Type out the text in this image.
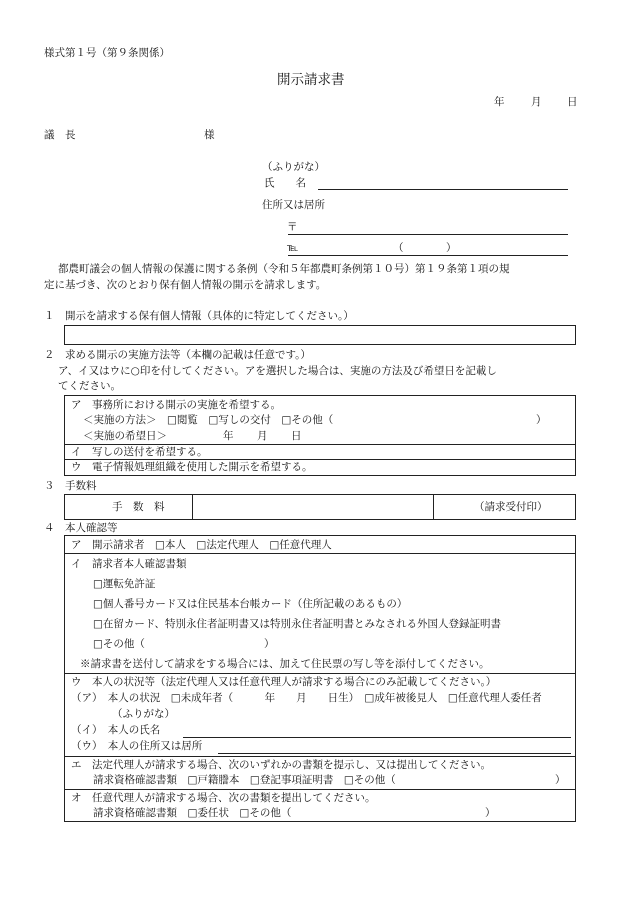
様式第１号（第９条関係）
開示請求書
年	月 日
議　長	様
（ふりがな）
氏　　名
住所又は居所
〒
℡	（	）
都農町議会の個人情報の保護に関する条例（令和５年都農町条例第１０号）第１９条第１項の規
定に基づき、次のとおり保有個人情報の開示を請求します。
１　開示を請求する保有個人情報（具体的に特定してください。）
２　求める開示の実施方法等（本欄の記載は任意です。）
ア、イ又はウに○印を付してください。アを選択した場合は、実施の方法及び希望日を記載し
てください。
ア　事務所における開示の実施を希望する。
＜実施の方法＞　□閲覧　□写しの交付　□その他（	）
＜実施の希望日＞	年 月 日
イ　写しの送付を希望する。
ウ　電子情報処理組織を使用した開示を希望する。
３　手数料
手　数　料	（請求受付印）
４　本人確認等
ア　開示請求者　□本人　□法定代理人　□任意代理人
イ　請求者本人確認書類
□運転免許証
□個人番号カード又は住民基本台帳カード（住所記載のあるもの）
□在留カード、特別永住者証明書又は特別永住者証明書とみなされる外国人登録証明書
□その他（	）
※請求書を送付して請求をする場合には、加えて住民票の写し等を添付してください。
ウ　本人の状況等（法定代理人又は任意代理人が請求する場合にのみ記載してください。）
（ア）　本人の状況　□未成年者（　　　年　　月　　日生）　□成年被後見人　□任意代理人委任者
（ふりがな）
（イ）　本人の氏名
（ウ）　本人の住所又は居所
エ　法定代理人が請求する場合、次のいずれかの書類を提示し、又は提出してください。
請求資格確認書類　□戸籍謄本　□登記事項証明書　□その他（	）
オ　任意代理人が請求する場合、次の書類を提出してください。
請求資格確認書類　□委任状　□その他（	）
